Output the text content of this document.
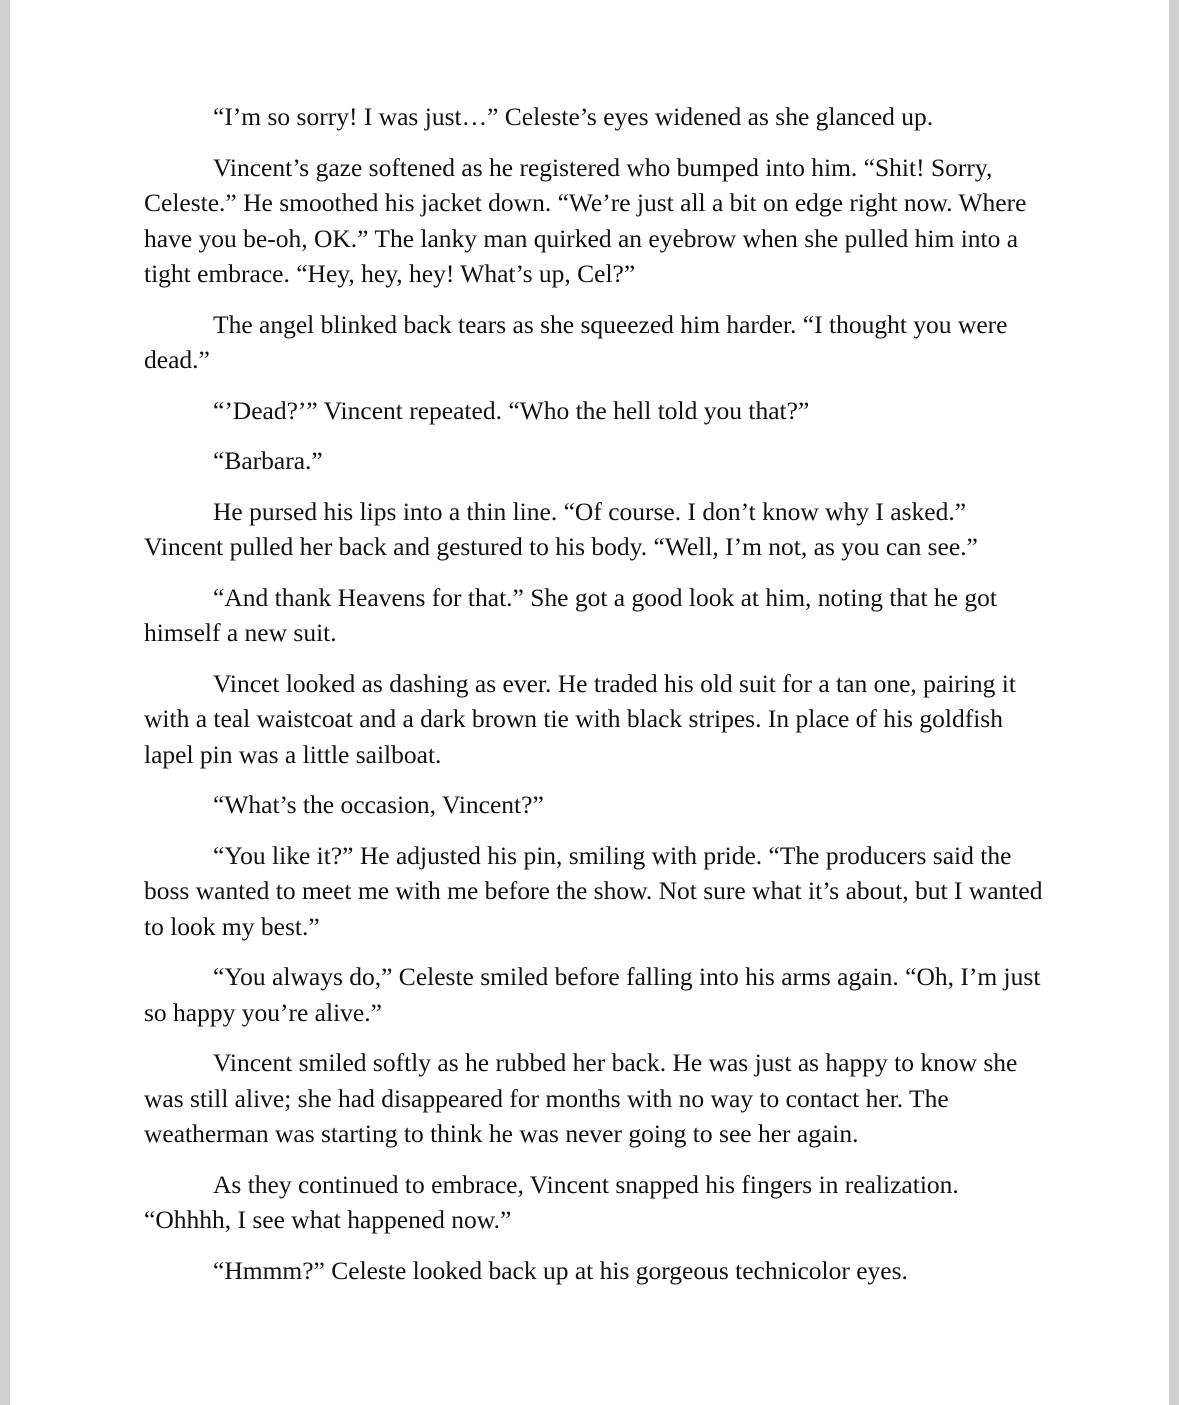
“I’m so sorry! I was just…” Celeste’s eyes widened as she glanced up.

Vincent’s gaze softened as he registered who bumped into him. “Shit! Sorry, Celeste.” He smoothed his jacket down. “We’re just all a bit on edge right now. Where have you be-oh, OK.” The lanky man quirked an eyebrow when she pulled him into a tight embrace. “Hey, hey, hey! What’s up, Cel?”

The angel blinked back tears as she squeezed him harder. “I thought you were dead.”

“’Dead?’” Vincent repeated. “Who the hell told you that?”

“Barbara.”

He pursed his lips into a thin line. “Of course. I don’t know why I asked.” Vincent pulled her back and gestured to his body. “Well, I’m not, as you can see.”

“And thank Heavens for that.” She got a good look at him, noting that he got himself a new suit.

Vincet looked as dashing as ever. He traded his old suit for a tan one, pairing it with a teal waistcoat and a dark brown tie with black stripes. In place of his goldfish lapel pin was a little sailboat.

“What’s the occasion, Vincent?”

“You like it?” He adjusted his pin, smiling with pride. “The producers said the boss wanted to meet me with me before the show. Not sure what it’s about, but I wanted to look my best.”

“You always do,” Celeste smiled before falling into his arms again. “Oh, I’m just so happy you’re alive.”

Vincent smiled softly as he rubbed her back. He was just as happy to know she was still alive; she had disappeared for months with no way to contact her. The weatherman was starting to think he was never going to see her again.

As they continued to embrace, Vincent snapped his fingers in realization. “Ohhhh, I see what happened now.”

“Hmmm?” Celeste looked back up at his gorgeous technicolor eyes.
